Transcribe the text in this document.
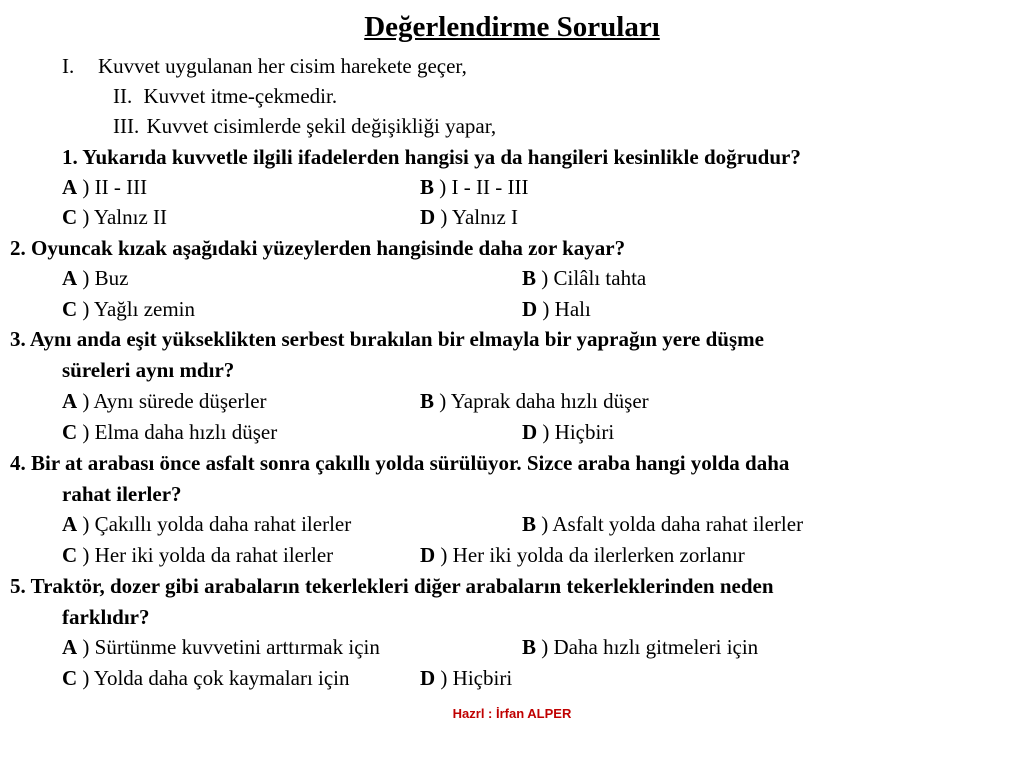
Değerlendirme Soruları
I. Kuvvet uygulanan her cisim harekete geçer,
II. Kuvvet itme-çekmedir.
III. Kuvvet cisimlerde şekil değişikliği yapar,
1. Yukarıda kuvvetle ilgili ifadelerden hangisi ya da hangileri kesinlikle doğrudur?
A ) II - III	B ) I - II - III
C ) Yalnız II	D ) Yalnız I
2. Oyuncak kızak aşağıdaki yüzeylerden hangisinde daha zor kayar?
A ) Buz	B ) Cilâlı tahta
C ) Yağlı zemin	D ) Halı
3. Aynı anda eşit yükseklikten serbest bırakılan bir elmayla bir yaprağın yere düşme
süreleri aynı mdır?
A ) Aynı sürede düşerler	B ) Yaprak daha hızlı düşer
C ) Elma daha hızlı düşer	D ) Hiçbiri
4. Bir at arabası önce asfalt sonra çakıllı yolda sürülüyor. Sizce araba hangi yolda daha
rahat ilerler?
A ) Çakıllı yolda daha rahat ilerler	B ) Asfalt yolda daha rahat ilerler
C ) Her iki yolda da rahat ilerler	D ) Her iki yolda da ilerlerken zorlanır
5. Traktör, dozer gibi arabaların tekerlekleri diğer arabaların tekerleklerinden neden
farklıdır?
A ) Sürtünme kuvvetini arttırmak için	B ) Daha hızlı gitmeleri için
C ) Yolda daha çok kaymaları için	D ) Hiçbiri
Hazrl : İrfan ALPER
